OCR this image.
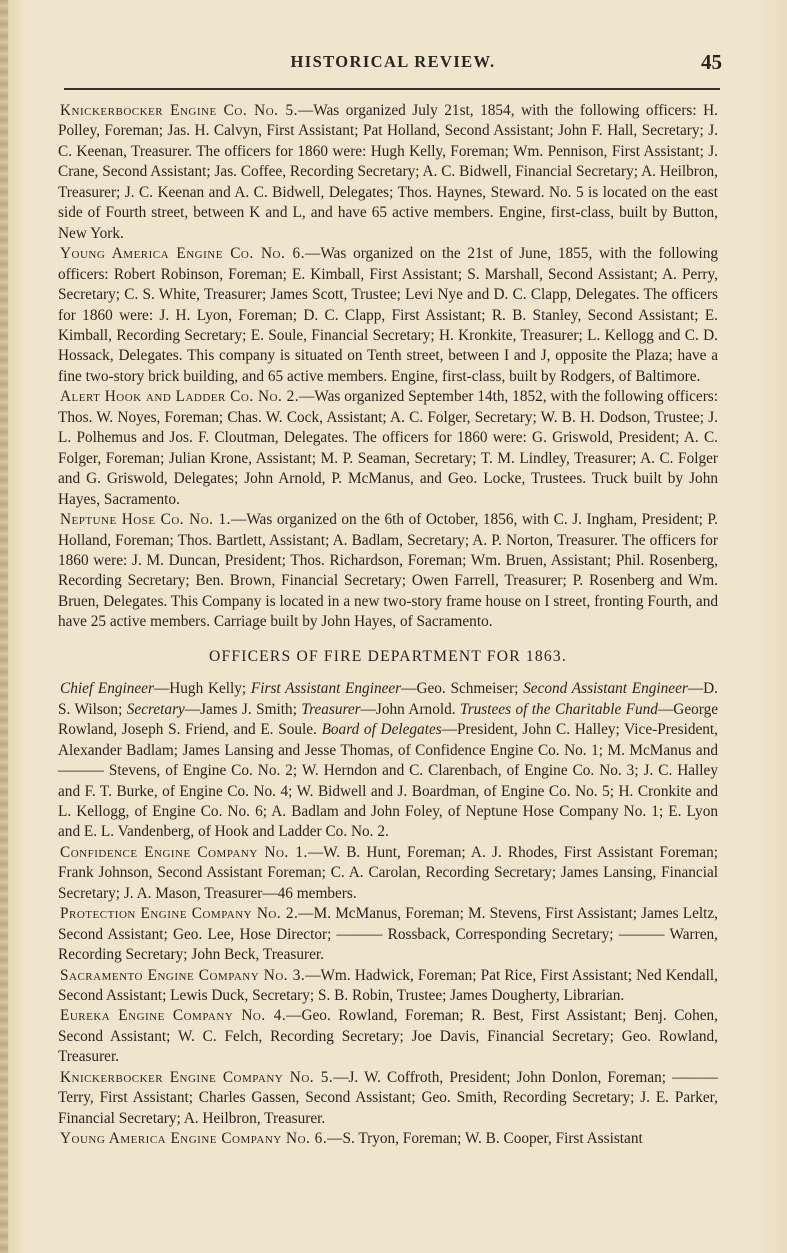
HISTORICAL REVIEW.	45

Knickerbocker Engine Co. No. 5.—Was organized July 21st, 1854, with the following officers: H. Polley, Foreman; Jas. H. Calvyn, First Assistant; Pat Holland, Second Assistant; John F. Hall, Secretary; J. C. Keenan, Treasurer. The officers for 1860 were: Hugh Kelly, Foreman; Wm. Pennison, First Assistant; J. Crane, Second Assistant; Jas. Coffee, Recording Secretary; A. C. Bidwell, Financial Secretary; A. Heilbron, Treasurer; J. C. Keenan and A. C. Bidwell, Delegates; Thos. Haynes, Steward. No. 5 is located on the east side of Fourth street, between K and L, and have 65 active members. Engine, first-class, built by Button, New York.

Young America Engine Co. No. 6.—Was organized on the 21st of June, 1855, with the following officers: Robert Robinson, Foreman; E. Kimball, First Assistant; S. Marshall, Second Assistant; A. Perry, Secretary; C. S. White, Treasurer; James Scott, Trustee; Levi Nye and D. C. Clapp, Delegates. The officers for 1860 were: J. H. Lyon, Foreman; D. C. Clapp, First Assistant; R. B. Stanley, Second Assistant; E. Kimball, Recording Secretary; E. Soule, Financial Secretary; H. Kronkite, Treasurer; L. Kellogg and C. D. Hossack, Delegates. This company is situated on Tenth street, between I and J, opposite the Plaza; have a fine two-story brick building, and 65 active members. Engine, first-class, built by Rodgers, of Baltimore.

Alert Hook and Ladder Co. No. 2.—Was organized September 14th, 1852, with the following officers: Thos. W. Noyes, Foreman; Chas. W. Cock, Assistant; A. C. Folger, Secretary; W. B. H. Dodson, Trustee; J. L. Polhemus and Jos. F. Cloutman, Delegates. The officers for 1860 were: G. Griswold, President; A. C. Folger, Foreman; Julian Krone, Assistant; M. P. Seaman, Secretary; T. M. Lindley, Treasurer; A. C. Folger and G. Griswold, Delegates; John Arnold, P. McManus, and Geo. Locke, Trustees. Truck built by John Hayes, Sacramento.

Neptune Hose Co. No. 1.—Was organized on the 6th of October, 1856, with C. J. Ingham, President; P. Holland, Foreman; Thos. Bartlett, Assistant; A. Badlam, Secretary; A. P. Norton, Treasurer. The officers for 1860 were: J. M. Duncan, President; Thos. Richardson, Foreman; Wm. Bruen, Assistant; Phil. Rosenberg, Recording Secretary; Ben. Brown, Financial Secretary; Owen Farrell, Treasurer; P. Rosenberg and Wm. Bruen, Delegates. This Company is located in a new two-story frame house on I street, fronting Fourth, and have 25 active members. Carriage built by John Hayes, of Sacramento.

OFFICERS OF FIRE DEPARTMENT FOR 1863.

Chief Engineer—Hugh Kelly; First Assistant Engineer—Geo. Schmeiser; Second Assistant Engineer—D. S. Wilson; Secretary—James J. Smith; Treasurer—John Arnold. Trustees of the Charitable Fund—George Rowland, Joseph S. Friend, and E. Soule. Board of Delegates—President, John C. Halley; Vice-President, Alexander Badlam; James Lansing and Jesse Thomas, of Confidence Engine Co. No. 1; M. McManus and ——— Stevens, of Engine Co. No. 2; W. Herndon and C. Clarenbach, of Engine Co. No. 3; J. C. Halley and F. T. Burke, of Engine Co. No. 4; W. Bidwell and J. Boardman, of Engine Co. No. 5; H. Cronkite and L. Kellogg, of Engine Co. No. 6; A. Badlam and John Foley, of Neptune Hose Company No. 1; E. Lyon and E. L. Vandenberg, of Hook and Ladder Co. No. 2.

Confidence Engine Company No. 1.—W. B. Hunt, Foreman; A. J. Rhodes, First Assistant Foreman; Frank Johnson, Second Assistant Foreman; C. A. Carolan, Recording Secretary; James Lansing, Financial Secretary; J. A. Mason, Treasurer—46 members.

Protection Engine Company No. 2.—M. McManus, Foreman; M. Stevens, First Assistant; James Leltz, Second Assistant; Geo. Lee, Hose Director; ——— Rossback, Corresponding Secretary; ——— Warren, Recording Secretary; John Beck, Treasurer.

Sacramento Engine Company No. 3.—Wm. Hadwick, Foreman; Pat Rice, First Assistant; Ned Kendall, Second Assistant; Lewis Duck, Secretary; S. B. Robin, Trustee; James Dougherty, Librarian.

Eureka Engine Company No. 4.—Geo. Rowland, Foreman; R. Best, First Assistant; Benj. Cohen, Second Assistant; W. C. Felch, Recording Secretary; Joe Davis, Financial Secretary; Geo. Rowland, Treasurer.

Knickerbocker Engine Company No. 5.—J. W. Coffroth, President; John Donlon, Foreman; ——— Terry, First Assistant; Charles Gassen, Second Assistant; Geo. Smith, Recording Secretary; J. E. Parker, Financial Secretary; A. Heilbron, Treasurer.

Young America Engine Company No. 6.—S. Tryon, Foreman; W. B. Cooper, First Assistant
